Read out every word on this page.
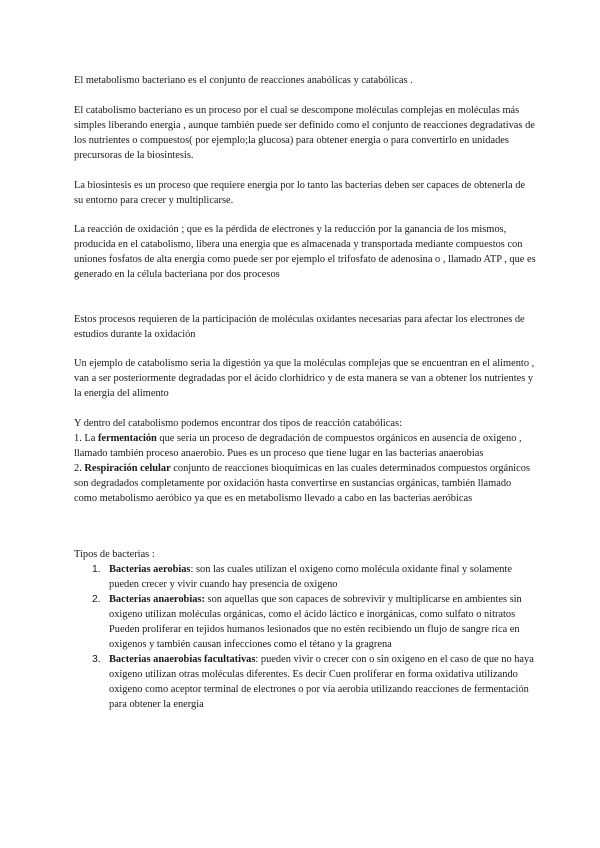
El metabolismo bacteriano es el conjunto de reacciones anabólicas y catabólicas .

El catabolismo bacteriano es un proceso por el cual se descompone moléculas complejas en moléculas más simples liberando energia , aunque también puede ser definido como el conjunto de reacciones degradativas de los nutrientes o compuestos( por ejemplo;la glucosa) para obtener energia o para convertirlo en unidades precursoras de la biosintesis.

La biosintesis es un proceso que requiere energia por lo tanto las bacterias deben ser capaces de obtenerla de su entorno para crecer y multiplicarse.

La reacción de oxidación ; que es la pérdida de electrones y la reducción por la ganancia de los mismos, producida en el catabolismo, libera una energia que es almacenada y transportada mediante compuestos con uniones fosfatos de alta energia como puede ser por ejemplo el trifosfato de adenosina o , llamado ATP , que es generado en la célula bacteriana por dos procesos

Estos procesos requieren de la participación de moléculas oxidantes necesarias para afectar los electrones de estudios durante la oxidación

Un ejemplo de catabolismo seria la digestión ya que la moléculas complejas que se encuentran en el alimento , van a ser posteriormente degradadas por el ácido clorhidrico y de esta manera se van a obtener los nutrientes y la energia del alimento

Y dentro del catabolismo podemos encontrar dos tipos de reacción catabólicas:
1. La fermentación que seria un proceso de degradación de compuestos orgánicos en ausencia de oxigeno , llamado también proceso anaerobio. Pues es un proceso que tiene lugar en las bacterias anaerobias
2. Respiración celular conjunto de reacciones bioquimicas en las cuales determinados compuestos orgánicos son degradados completamente por oxidación hasta convertirse en sustancias orgánicas, también llamado como metabolismo aeróbico ya que es en metabolismo llevado a cabo en las bacterias aeróbicas
Tipos de bacterias :
1. Bacterias aerobias: son las cuales utilizan el oxigeno como molécula oxidante final y solamente pueden crecer y vivir cuando hay presencia de oxigeno
2. Bacterias anaerobias: son aquellas que son capaces de sobrevivir y multiplicarse en ambientes sin oxigeno utilizan moléculas orgánicas, como el ácido láctico e inorgánicas, como sulfato o nitratos
Pueden proliferar en tejidos humanos lesionados que no estén recibiendo un flujo de sangre rica en oxigenos y también causan infecciones como el tétano y la gragrena
3. Bacterias anaerobias facultativas: pueden vivir o crecer con o sin oxigeno en el caso de que no haya oxigeno utilizan otras moléculas diferentes. Es decir Cuen proliferar en forma oxidativa utilizando oxigeno como aceptor terminal de electrones o por vía aerobia utilizando reacciones de fermentación para obtener la energia
